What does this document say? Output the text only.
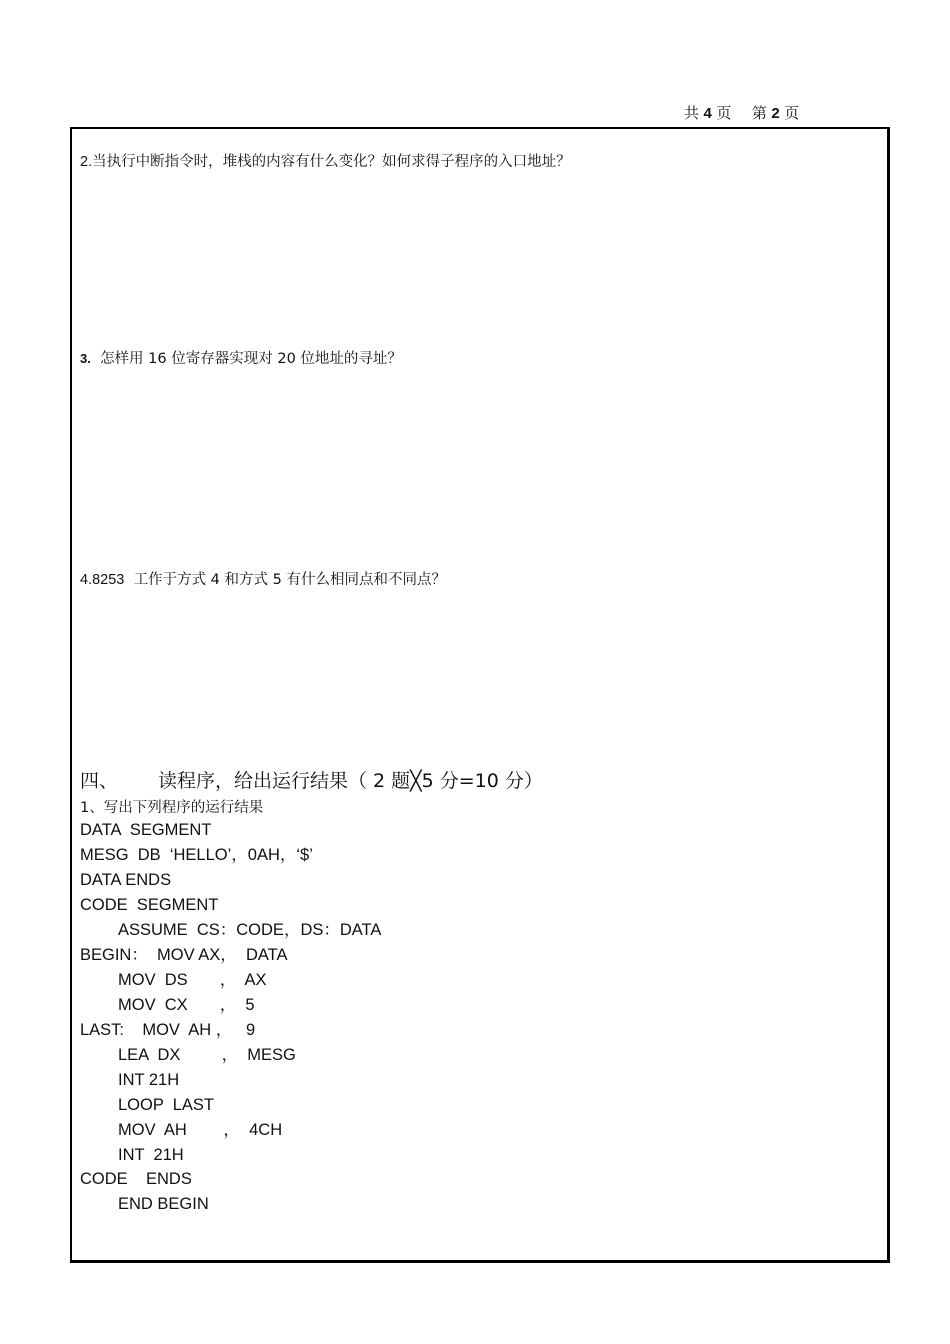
共 4 页 第 2 页
2.当执行中断指令时，堆栈的内容有什么变化？如何求得子程序的入口地址？
3. 怎样用 16 位寄存器实现对 20 位地址的寻址？
4.8253 工作于方式 4 和方式 5 有什么相同点和不同点？
四、 读程序，给出运行结果（ 2 题╳5 分=10 分）
1、写出下列程序的运行结果
DATA  SEGMENT
MESG  DB  ‘HELLO’，0AH，‘$’
DATA ENDS
CODE  SEGMENT
ASSUME  CS：CODE，DS：DATA
BEGIN：  MOV AX，  DATA
MOV  DS       ，  AX
MOV  CX       ，  5
LAST:    MOV  AH ，   9
LEA  DX         ，  MESG
INT 21H
LOOP  LAST
MOV  AH        ，  4CH
INT  21H
CODE    ENDS
END BEGIN
